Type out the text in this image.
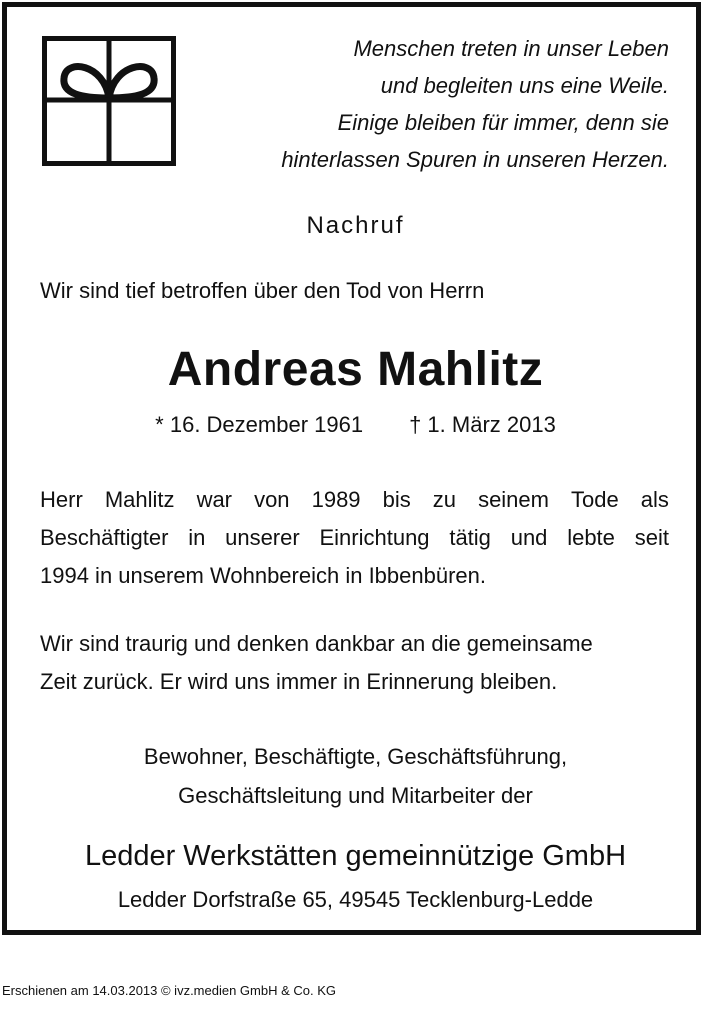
Menschen treten in unser Leben
und begleiten uns eine Weile.
Einige bleiben für immer, denn sie
hinterlassen Spuren in unseren Herzen.
Nachruf
Wir sind tief betroffen über den Tod von Herrn
Andreas Mahlitz
* 16. Dezember 1961 † 1. März 2013
Herr Mahlitz war von 1989 bis zu seinem Tode als
Beschäftigter in unserer Einrichtung tätig und lebte seit
1994 in unserem Wohnbereich in Ibbenbüren.
Wir sind traurig und denken dankbar an die gemeinsame
Zeit zurück. Er wird uns immer in Erinnerung bleiben.
Bewohner, Beschäftigte, Geschäftsführung,
Geschäftsleitung und Mitarbeiter der
Ledder Werkstätten gemeinnützige GmbH
Ledder Dorfstraße 65, 49545 Tecklenburg-Ledde
Erschienen am 14.03.2013 © ivz.medien GmbH & Co. KG
